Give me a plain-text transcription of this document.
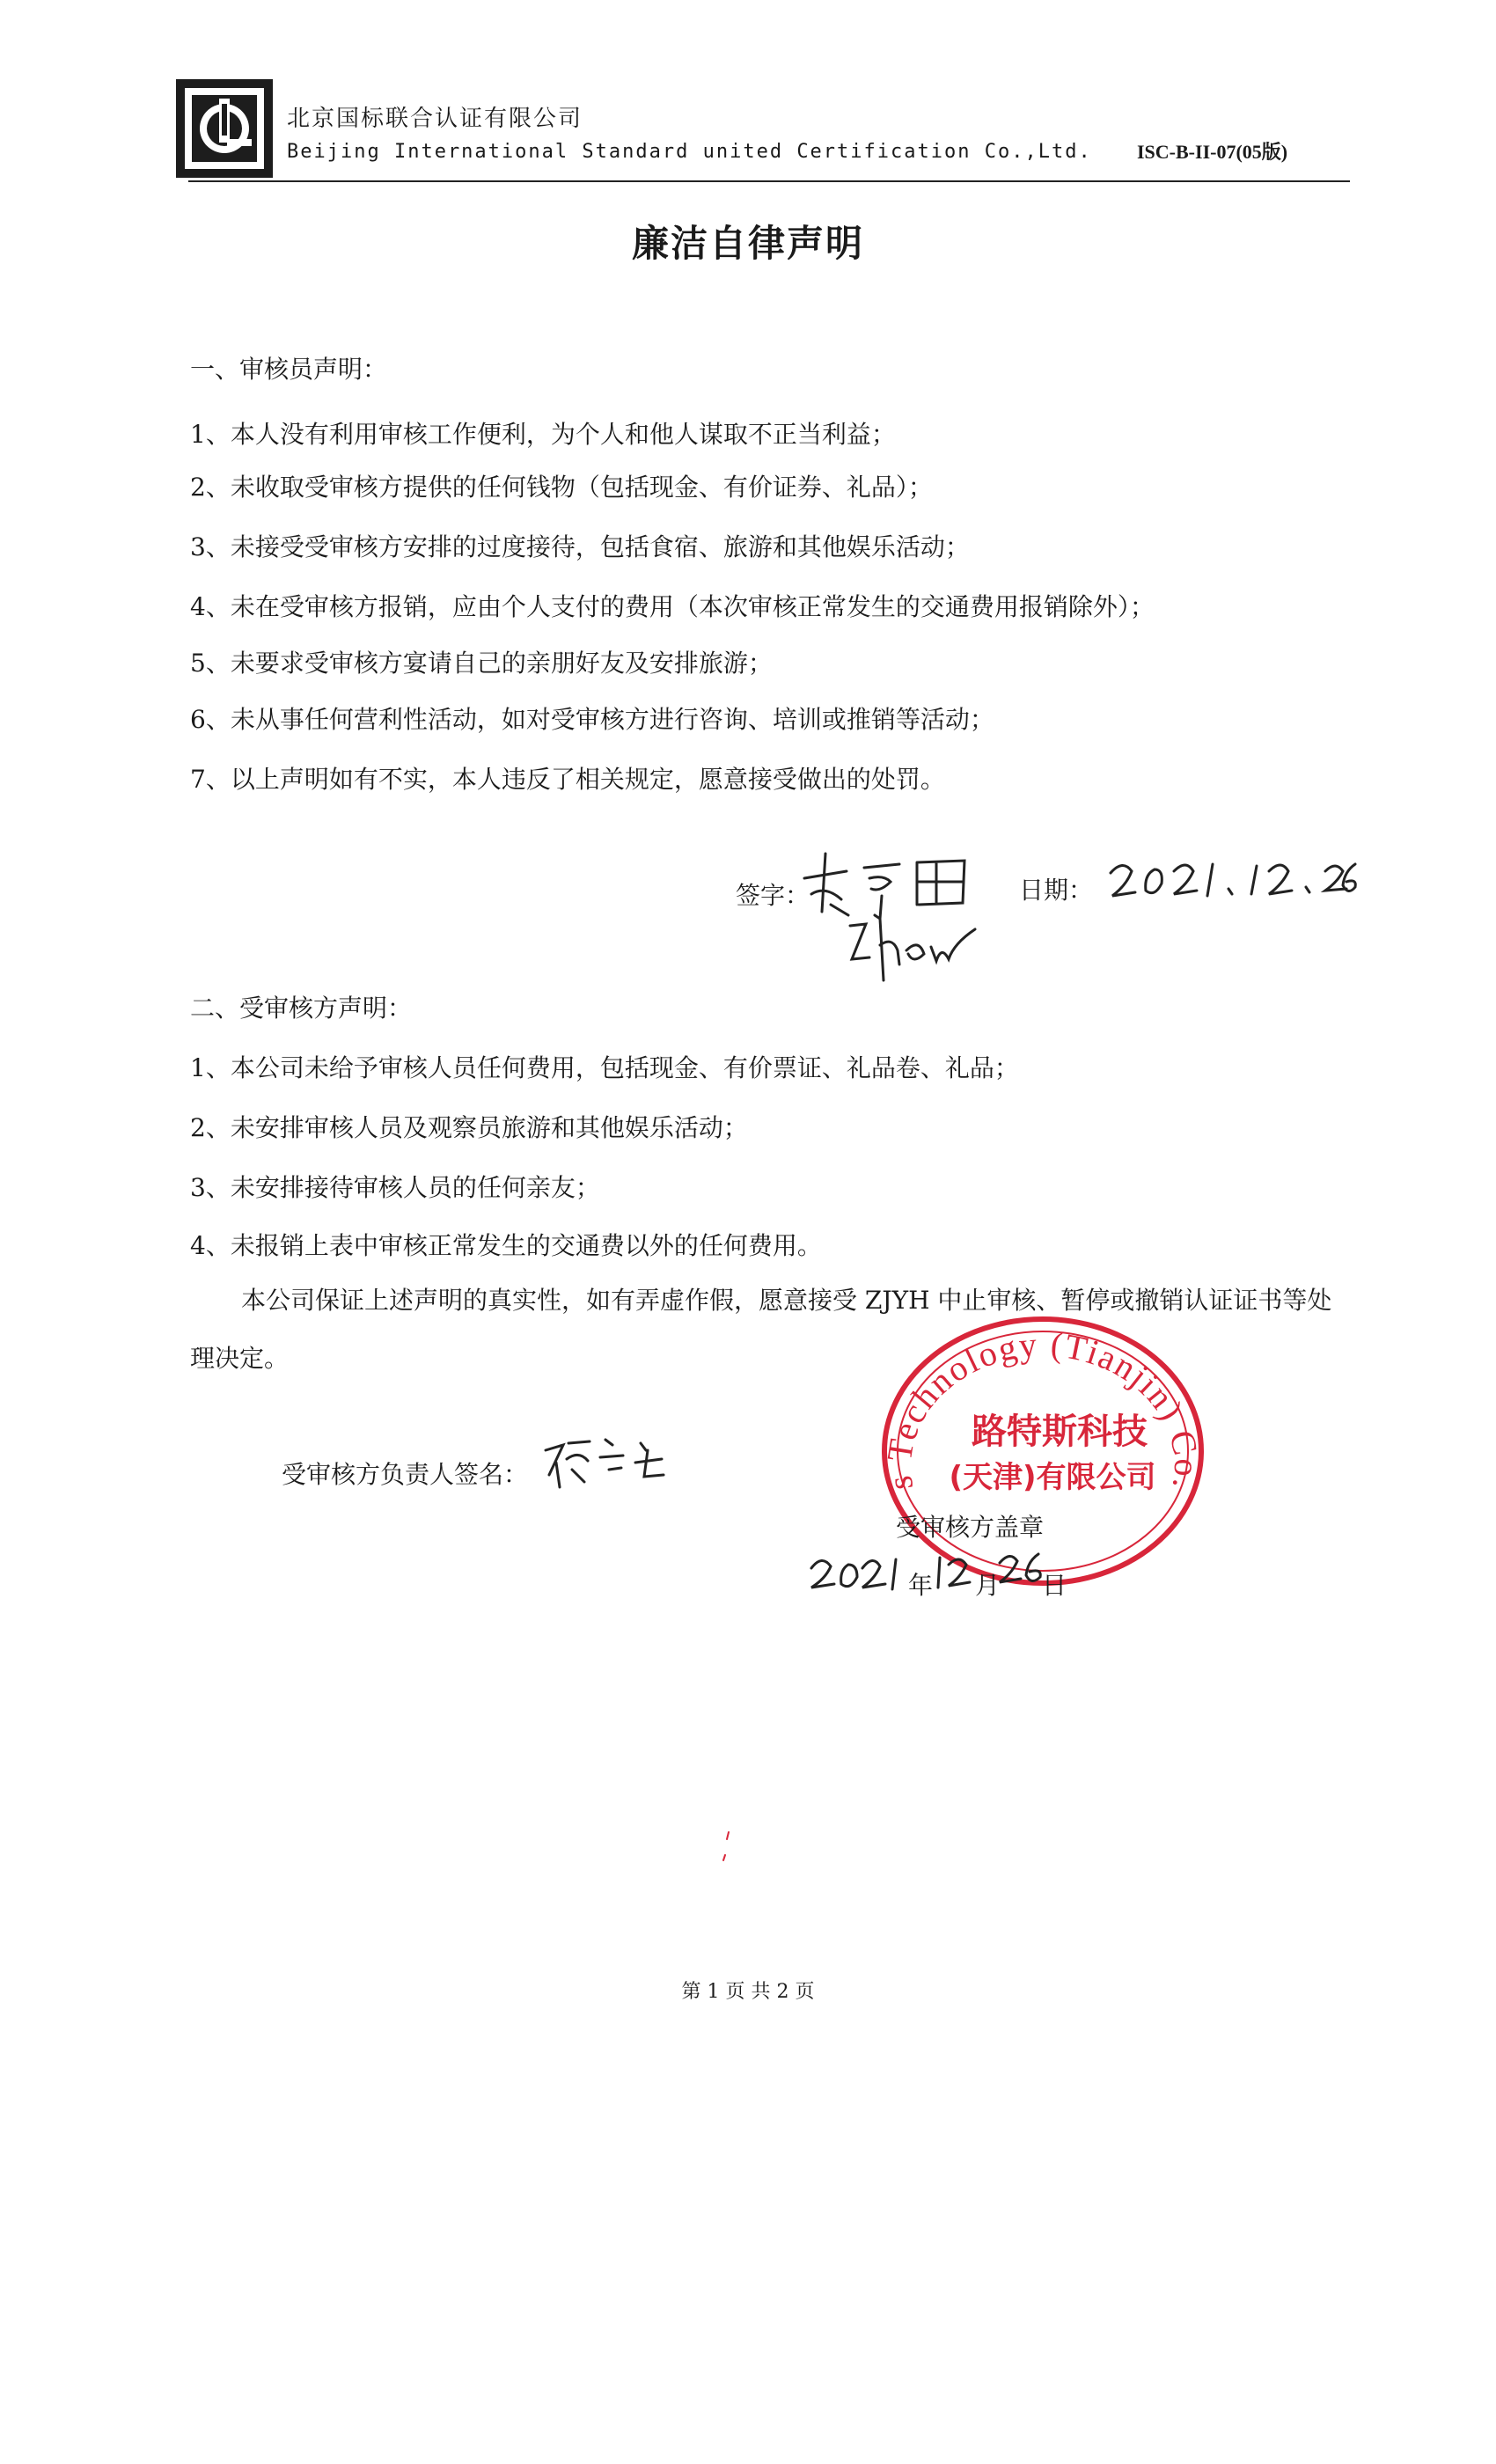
北京国标联合认证有限公司
Beijing International Standard united Certification Co.,Ltd. ISC-B-II-07(05版)
廉洁自律声明
一、审核员声明：
1、本人没有利用审核工作便利，为个人和他人谋取不正当利益；
2、未收取受审核方提供的任何钱物（包括现金、有价证券、礼品）；
3、未接受受审核方安排的过度接待，包括食宿、旅游和其他娱乐活动；
4、未在受审核方报销，应由个人支付的费用（本次审核正常发生的交通费用报销除外）；
5、未要求受审核方宴请自己的亲朋好友及安排旅游；
6、未从事任何营利性活动，如对受审核方进行咨询、培训或推销等活动；
7、以上声明如有不实，本人违反了相关规定，愿意接受做出的处罚。
签字：	日期：
二、受审核方声明：
1、本公司未给予审核人员任何费用，包括现金、有价票证、礼品卷、礼品；
2、未安排审核人员及观察员旅游和其他娱乐活动；
3、未安排接待审核人员的任何亲友；
4、未报销上表中审核正常发生的交通费以外的任何费用。
本公司保证上述声明的真实性，如有弄虚作假，愿意接受 ZJYH 中止审核、暂停或撤销认证证书等处
理决定。
受审核方负责人签名：	s Technology (Tianjin) Co.
路特斯科技
(天津)有限公司
受审核方盖章
年 月 日
第 1 页 共 2 页
